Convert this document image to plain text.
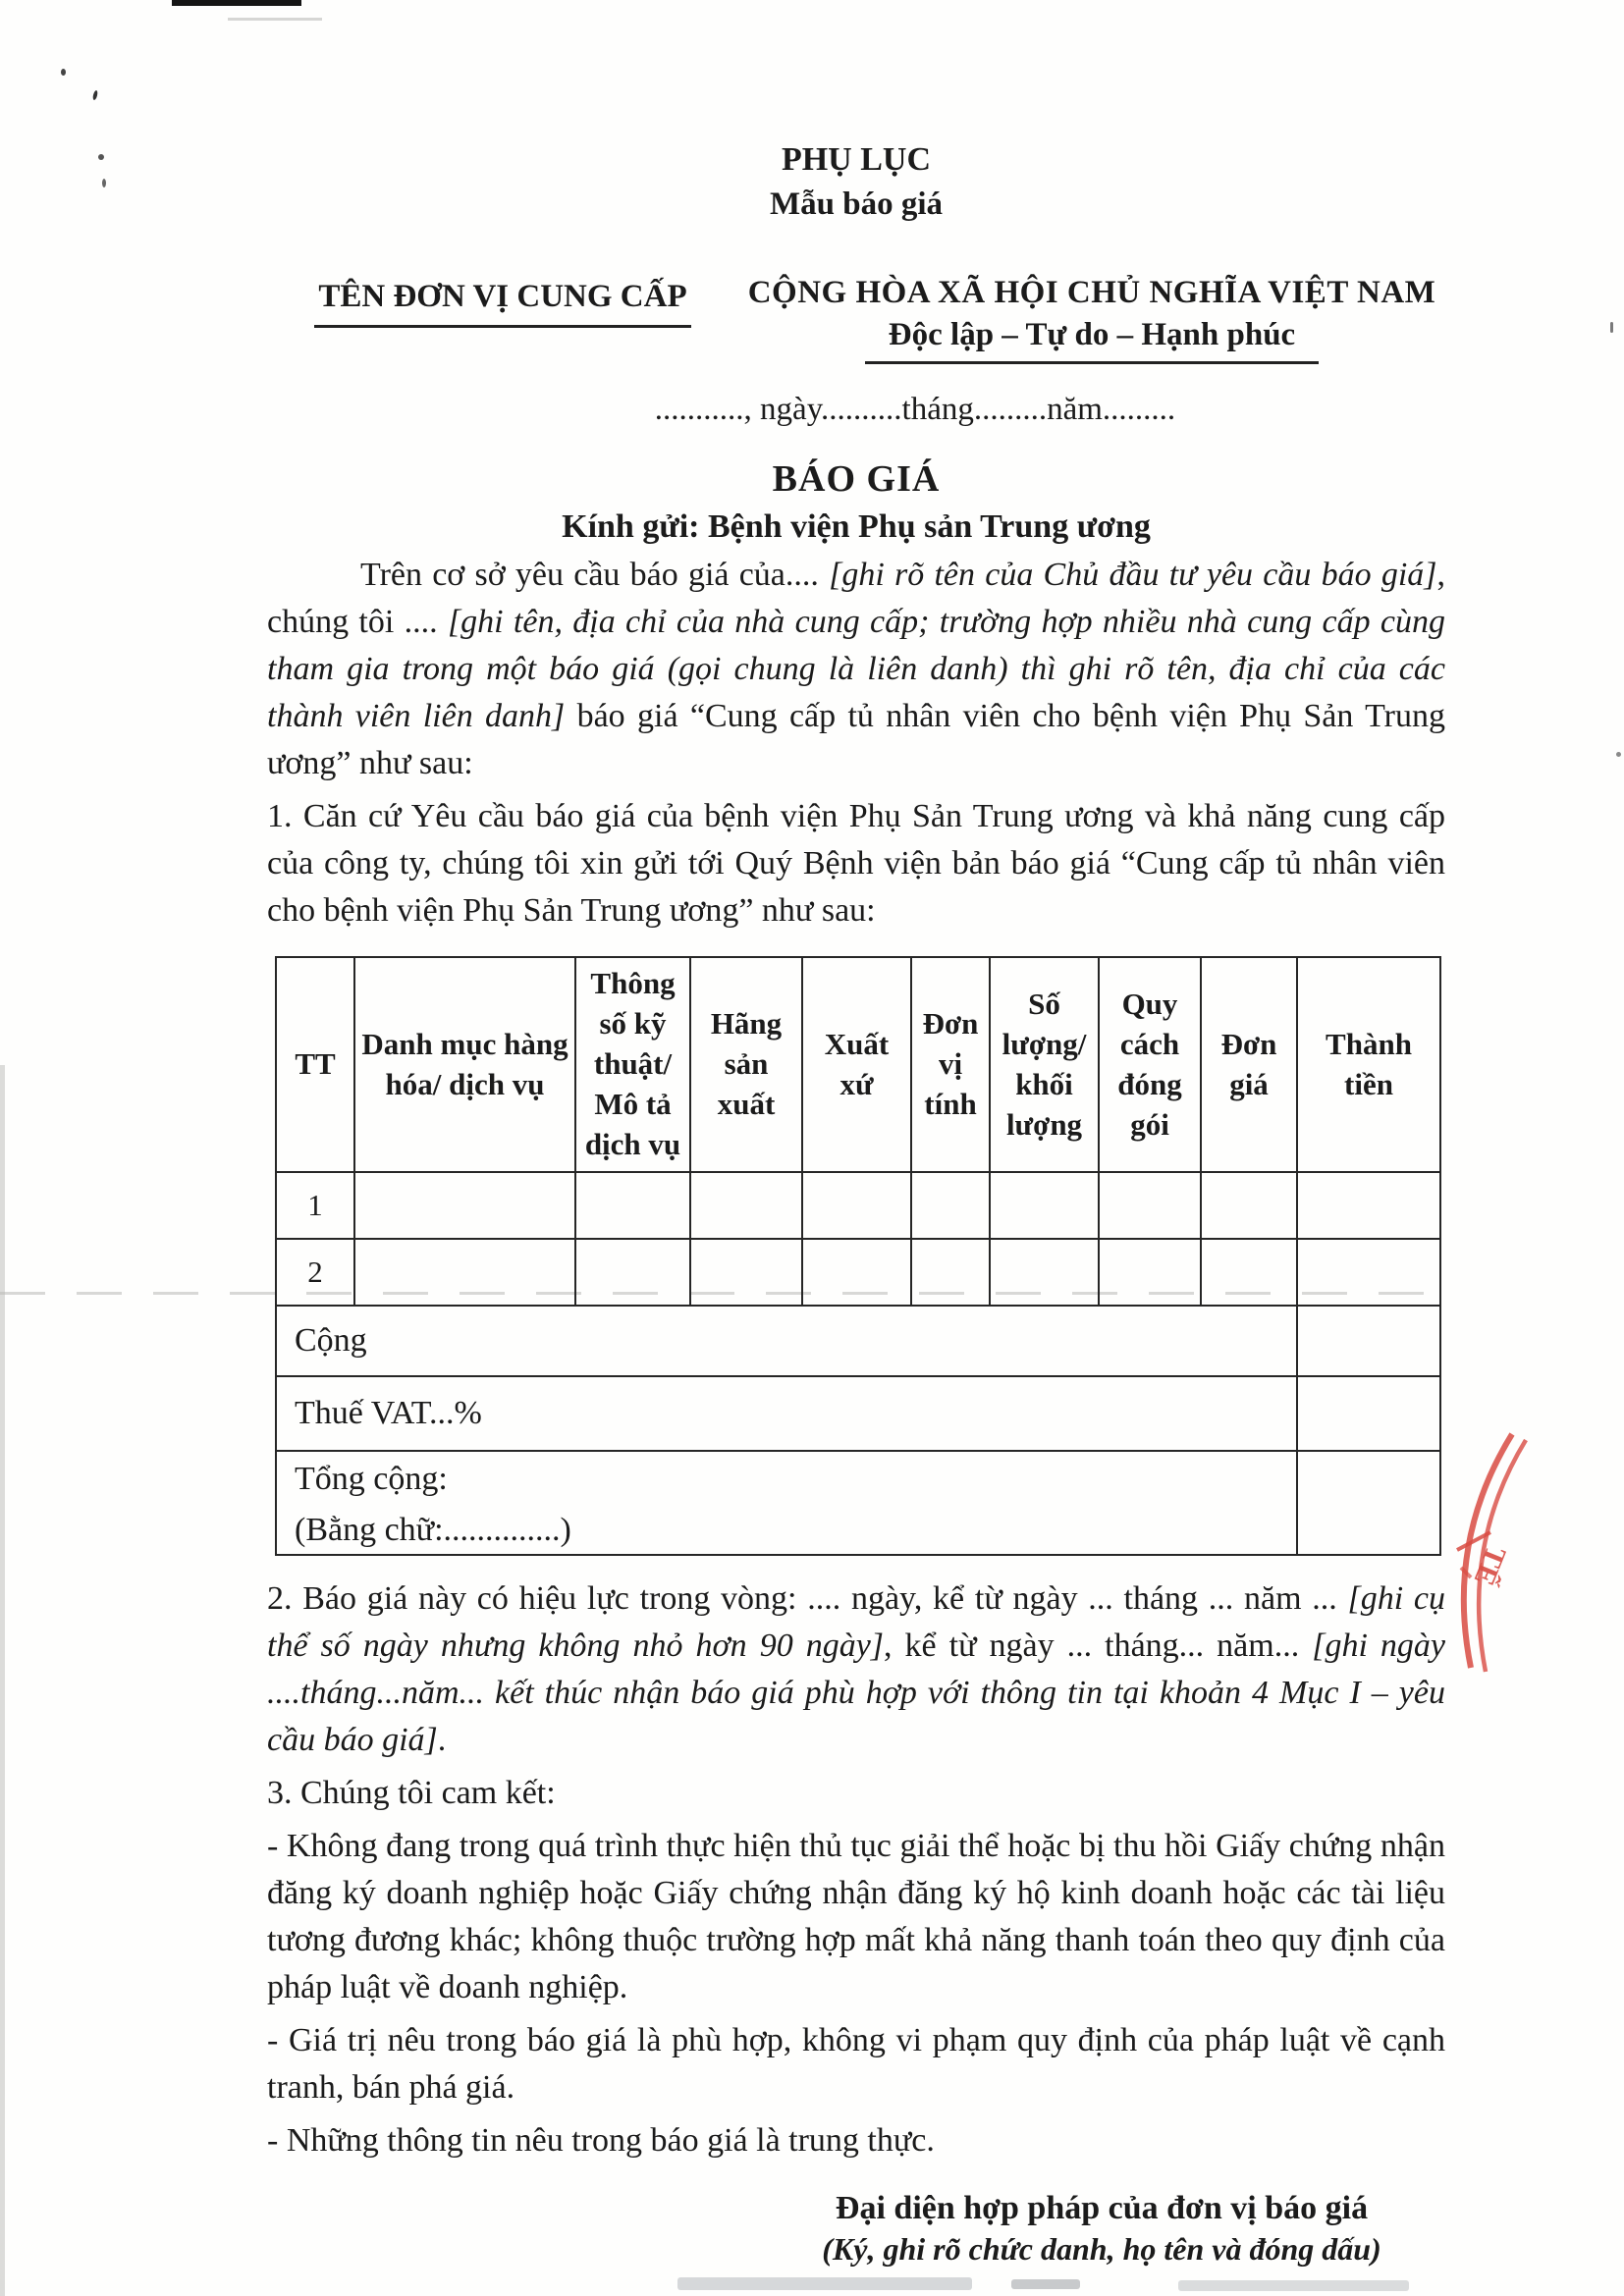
TẾ
PHỤ LỤC
Mẫu báo giá
TÊN ĐƠN VỊ CUNG CẤP	CỘNG HÒA XÃ HỘI CHỦ NGHĨA VIỆT NAM
Độc lập – Tự do – Hạnh phúc
..........., ngày..........tháng.........năm.........
BÁO GIÁ
Kính gửi: Bệnh viện Phụ sản Trung ương

Trên cơ sở yêu cầu báo giá của.... [ghi rõ tên của Chủ đầu tư yêu cầu báo giá], chúng tôi .... [ghi tên, địa chỉ của nhà cung cấp; trường hợp nhiều nhà cung cấp cùng tham gia trong một báo giá (gọi chung là liên danh) thì ghi rõ tên, địa chỉ của các thành viên liên danh] báo giá “Cung cấp tủ nhân viên cho bệnh viện Phụ Sản Trung ương” như sau:

1. Căn cứ Yêu cầu báo giá của bệnh viện Phụ Sản Trung ương và khả năng cung cấp của công ty, chúng tôi xin gửi tới Quý Bệnh viện bản báo giá “Cung cấp tủ nhân viên cho bệnh viện Phụ Sản Trung ương” như sau:

TT	Danh mục hàng hóa/ dịch vụ	Thông số kỹ thuật/ Mô tả dịch vụ	Hãng sản xuất	Xuất xứ	Đơn vị tính	Số lượng/ khối lượng	Quy cách đóng gói	Đơn giá	Thành tiền
1									
2									
Cộng									
Thuế VAT...%									

Tổng cộng:
(Bằng chữ:..............)									

2. Báo giá này có hiệu lực trong vòng: .... ngày, kể từ ngày ... tháng ... năm ... [ghi cụ thể số ngày nhưng không nhỏ hơn 90 ngày], kể từ ngày ... tháng... năm... [ghi ngày ....tháng...năm... kết thúc nhận báo giá phù hợp với thông tin tại khoản 4 Mục I – yêu cầu báo giá].

3. Chúng tôi cam kết:

- Không đang trong quá trình thực hiện thủ tục giải thể hoặc bị thu hồi Giấy chứng nhận đăng ký doanh nghiệp hoặc Giấy chứng nhận đăng ký hộ kinh doanh hoặc các tài liệu tương đương khác; không thuộc trường hợp mất khả năng thanh toán theo quy định của pháp luật về doanh nghiệp.

- Giá trị nêu trong báo giá là phù hợp, không vi phạm quy định của pháp luật về cạnh tranh, bán phá giá.

- Những thông tin nêu trong báo giá là trung thực.

Đại diện hợp pháp của đơn vị báo giá
(Ký, ghi rõ chức danh, họ tên và đóng dấu)
